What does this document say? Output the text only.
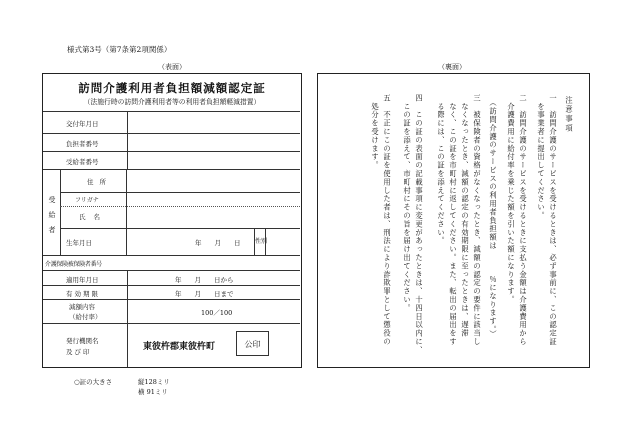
様式第3号（第7条第2項関係）
（表面）	（裏面）
訪問介護利用者負担額減額認定証
（法施行時の訪問介護利用者等の利用者負担額軽減措置）
交付年月日
負担者番号
受給者番号
受給者
住所
フリガナ
氏名
生年月日	年　　月　　日 性別
介護保険被保険者番号
適用年月日	年　　月　　日から
有効期限	年　　月　　日まで
減額内容
（給付率）	100／100
発行機関名
及び印	東彼杵郡東彼杵町	公印
○証の大きさ	縦128ミリ
横 91ミリ
注意事項
一　訪問介護のサービスを受けるときは、必ず事前に、この認定証
　を事業者に提出してください。
二　訪問介護のサービスを受けるときに支払う金額は介護費用から
　介護費用に給付率を乗じた額を引いた額になります。
　（訪問介護のサービスの利用者負担額は　　　％になります。）
三　被保険者の資格がなくなったとき、減額の認定の要件に該当し
　なくなったとき、減額の認定の有効期限に至ったときは、遅滞
　なく、この証を市町村に返してください。また、転出の届出をす
　る際には、この証を添えてください。
四　この証の表面の記載事項に変更があったときは、十四日以内に、
　この証を添えて、市町村にその旨を届け出てください。
五　不正にこの証を使用した者は、刑法により詐欺罪として懲役の
　処分を受けます。
